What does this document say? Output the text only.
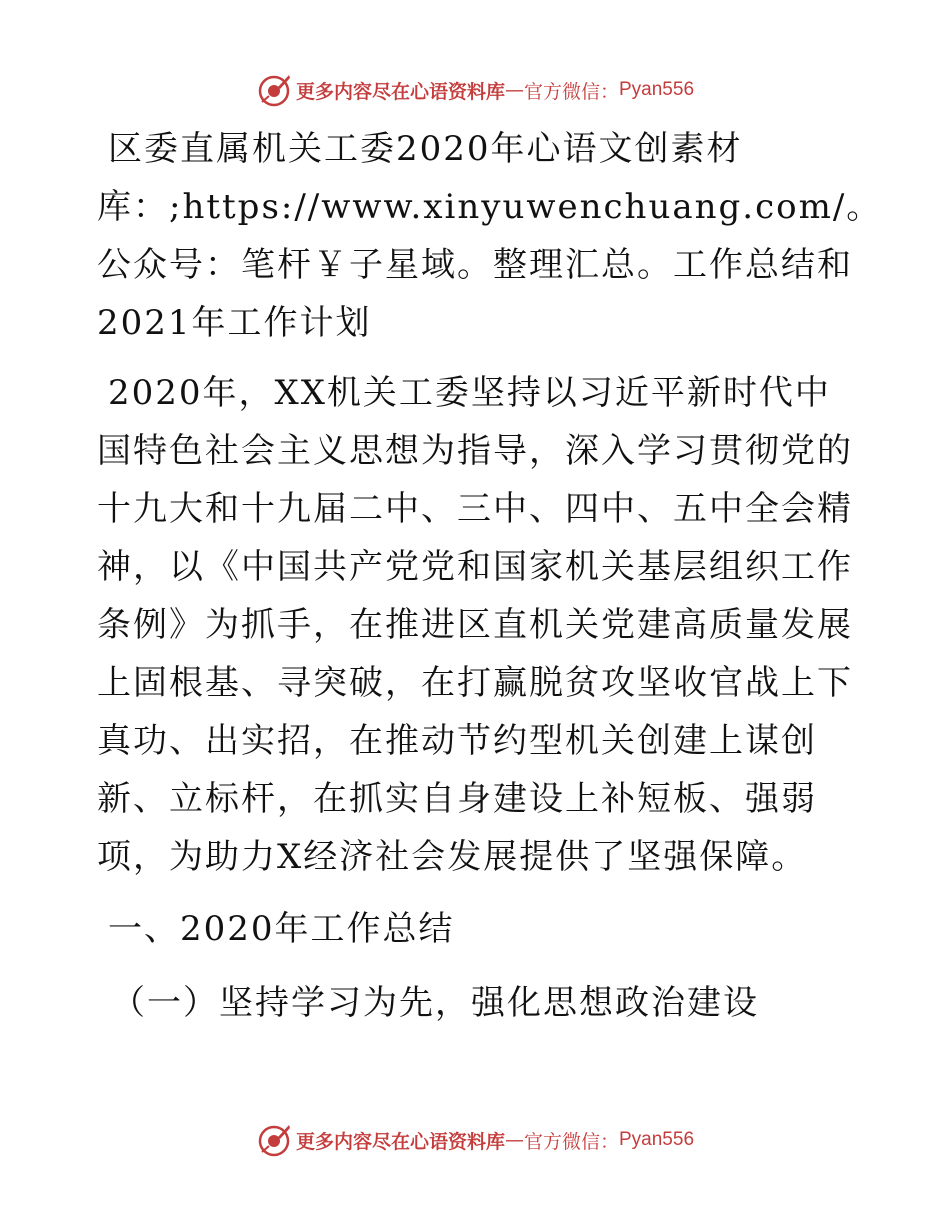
更多内容尽在心语资料库 — 官方微信： Pyan556

区委直属机关工委2020年心语文创素材库：;https://www.xinyuwenchuang.com/。公众号：笔杆￥子星域。整理汇总。工作总结和2021年工作计划

2020年，XX机关工委坚持以习近平新时代中国特色社会主义思想为指导，深入学习贯彻党的十九大和十九届二中、三中、四中、五中全会精神，以《中国共产党党和国家机关基层组织工作条例》为抓手，在推进区直机关党建高质量发展上固根基、寻突破，在打赢脱贫攻坚收官战上下真功、出实招，在推动节约型机关创建上谋创新、立标杆，在抓实自身建设上补短板、强弱项，为助力X经济社会发展提供了坚强保障。

一、2020年工作总结

（一）坚持学习为先，强化思想政治建设

更多内容尽在心语资料库 — 官方微信： Pyan556
